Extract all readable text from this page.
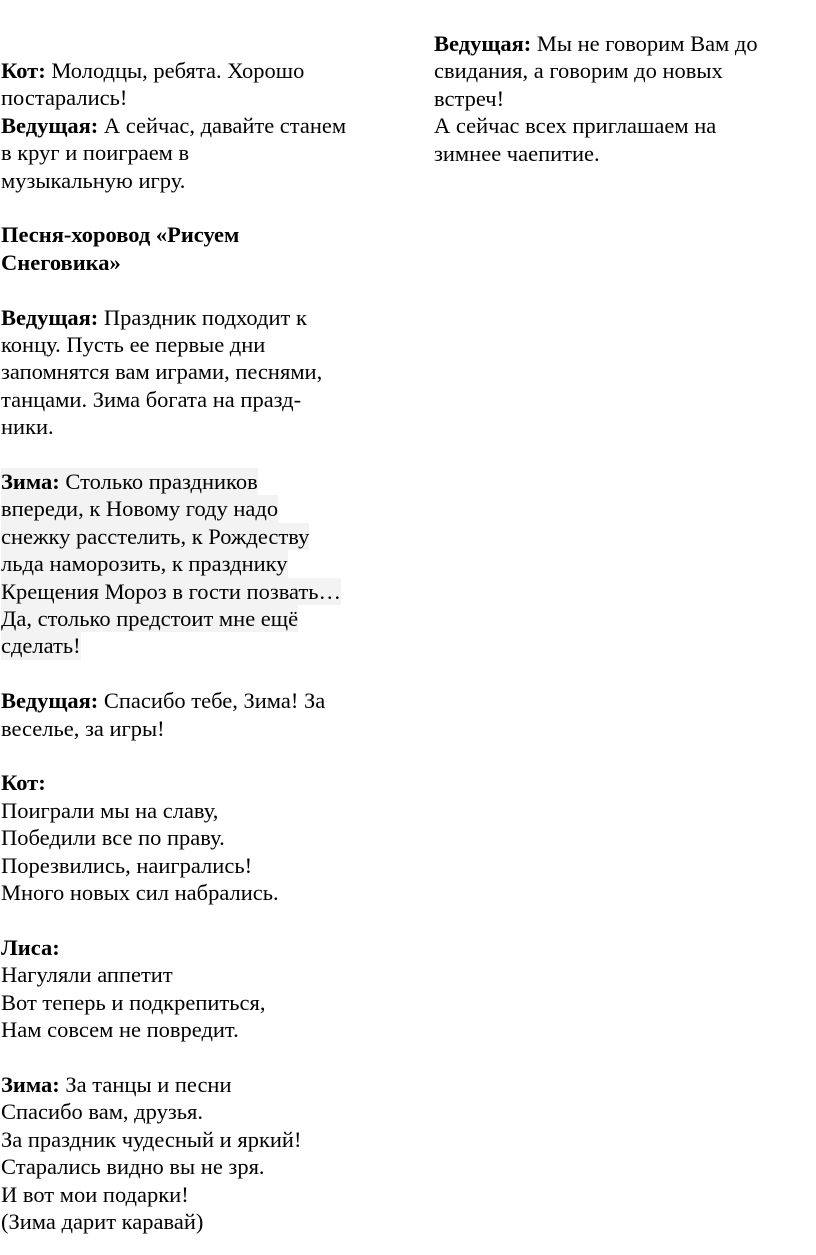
Кот: Молодцы, ребята. Хорошо
постарались!

Ведущая: А сейчас, давайте станем
в круг и поиграем в
музыкальную игру.

Песня-хоровод «Рисуем
Снеговика»

Ведущая: Праздник подходит к
концу. Пусть ее первые дни
запомнятся вам играми, песнями,
танцами. Зима богата на празд-
ники.

Зима: Столько праздников
впереди, к Новому году надо
снежку расстелить, к Рождеству
льда наморозить, к празднику
Крещения Мороз в гости позвать…
Да, столько предстоит мне ещё
сделать!

Ведущая: Спасибо тебе, Зима! За
веселье, за игры!

Кот:
Поиграли мы на славу,
Победили все по праву.
Порезвились, наигрались!
Много новых сил набрались.

Лиса:
Нагуляли аппетит
Вот теперь и подкрепиться,
Нам совсем не повредит.

Зима: За танцы и песни
Спасибо вам, друзья.
За праздник чудесный и яркий!
Старались видно вы не зря.
И вот мои подарки!
(Зима дарит каравай)

Ведущая: Мы не говорим Вам до
свидания, а говорим до новых
встреч!
А сейчас всех приглашаем на
зимнее чаепитие.
